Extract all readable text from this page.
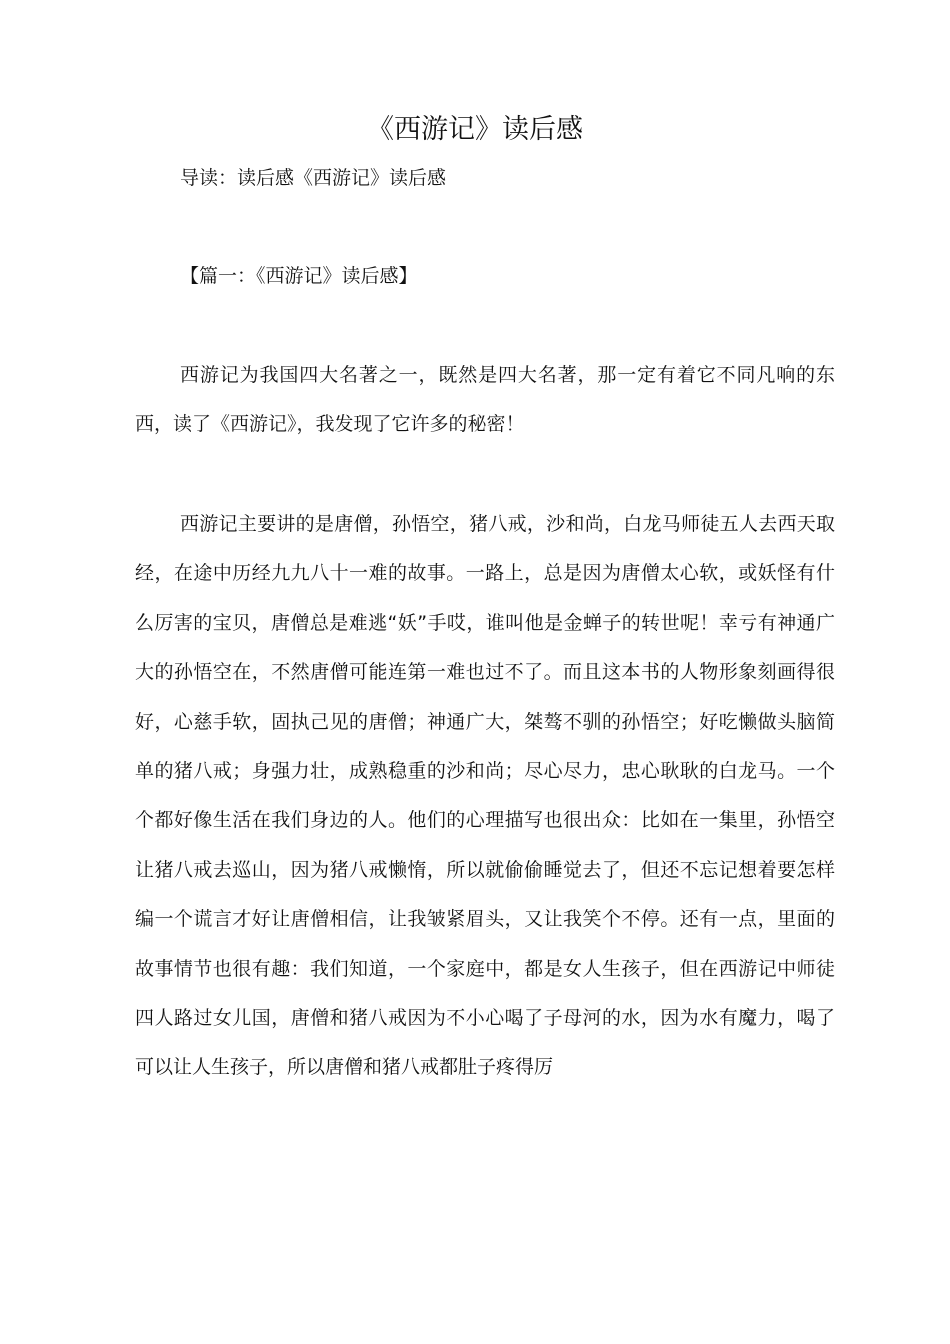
《西游记》读后感

导读：读后感《西游记》读后感

【篇一：《西游记》读后感】

西游记为我国四大名著之一，既然是四大名著，那一定有着它不同凡响的东西，读了《西游记》，我发现了它许多的秘密！

西游记主要讲的是唐僧，孙悟空，猪八戒，沙和尚，白龙马师徒五人去西天取经，在途中历经九九八十一难的故事。一路上，总是因为唐僧太心软，或妖怪有什么厉害的宝贝，唐僧总是难逃“妖”手哎，谁叫他是金蝉子的转世呢！幸亏有神通广大的孙悟空在，不然唐僧可能连第一难也过不了。而且这本书的人物形象刻画得很好，心慈手软，固执己见的唐僧；神通广大，桀骜不驯的孙悟空；好吃懒做头脑简单的猪八戒；身强力壮，成熟稳重的沙和尚；尽心尽力，忠心耿耿的白龙马。一个个都好像生活在我们身边的人。他们的心理描写也很出众：比如在一集里，孙悟空让猪八戒去巡山，因为猪八戒懒惰，所以就偷偷睡觉去了，但还不忘记想着要怎样编一个谎言才好让唐僧相信，让我皱紧眉头，又让我笑个不停。还有一点，里面的故事情节也很有趣：我们知道，一个家庭中，都是女人生孩子，但在西游记中师徒四人路过女儿国，唐僧和猪八戒因为不小心喝了子母河的水，因为水有魔力，喝了可以让人生孩子，所以唐僧和猪八戒都肚子疼得厉
